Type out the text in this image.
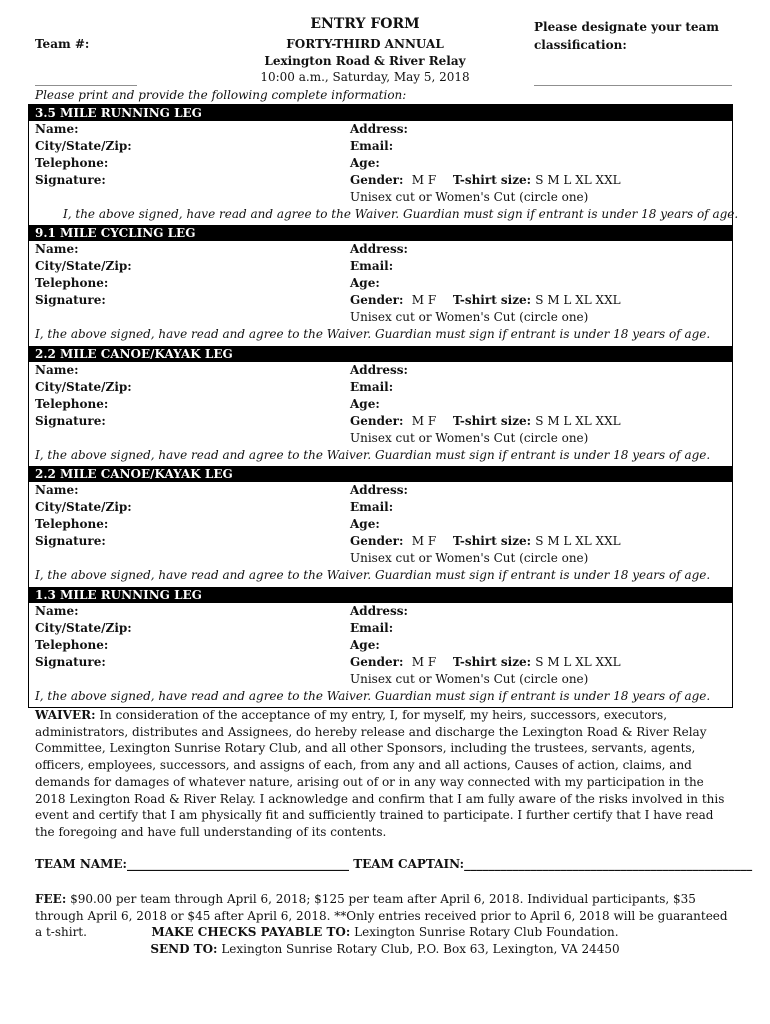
ENTRY FORM
FORTY-THIRD ANNUAL
Lexington Road & River Relay
10:00 a.m., Saturday, May 5, 2018
Team #:
_________________
Please designate your team classification:
_________________________________
Please print and provide the following complete information:
3.5 MILE RUNNING LEG
Name:	Address:
City/State/Zip:	Email:
Telephone:	Age:
Signature:	Gender: M F T-shirt size: S M L XL XXL
Unisex cut or Women's Cut (circle one)
I, the above signed, have read and agree to the Waiver. Guardian must sign if entrant is under 18 years of age.
9.1 MILE CYCLING LEG
Name:	Address:
City/State/Zip:	Email:
Telephone:	Age:
Signature:	Gender: M F T-shirt size: S M L XL XXL
Unisex cut or Women's Cut (circle one)
I, the above signed, have read and agree to the Waiver. Guardian must sign if entrant is under 18 years of age.
2.2 MILE CANOE/KAYAK LEG
Name:	Address:
City/State/Zip:	Email:
Telephone:	Age:
Signature:	Gender: M F T-shirt size: S M L XL XXL
Unisex cut or Women's Cut (circle one)
I, the above signed, have read and agree to the Waiver. Guardian must sign if entrant is under 18 years of age.
2.2 MILE CANOE/KAYAK LEG
Name:	Address:
City/State/Zip:	Email:
Telephone:	Age:
Signature:	Gender: M F T-shirt size: S M L XL XXL
Unisex cut or Women's Cut (circle one)
I, the above signed, have read and agree to the Waiver. Guardian must sign if entrant is under 18 years of age.
1.3 MILE RUNNING LEG
Name:	Address:
City/State/Zip:	Email:
Telephone:	Age:
Signature:	Gender: M F T-shirt size: S M L XL XXL
Unisex cut or Women's Cut (circle one)
I, the above signed, have read and agree to the Waiver. Guardian must sign if entrant is under 18 years of age.
WAIVER: In consideration of the acceptance of my entry, I, for myself, my heirs, successors, executors, administrators, distributes and Assignees, do hereby release and discharge the Lexington Road & River Relay Committee, Lexington Sunrise Rotary Club, and all other Sponsors, including the trustees, servants, agents, officers, employees, successors, and assigns of each, from any and all actions, Causes of action, claims, and demands for damages of whatever nature, arising out of or in any way connected with my participation in the 2018 Lexington Road & River Relay. I acknowledge and confirm that I am fully aware of the risks involved in this event and certify that I am physically fit and sufficiently trained to participate. I further certify that I have read the foregoing and have full understanding of its contents.
TEAM NAME:_____________________________________ TEAM CAPTAIN:________________________________________________
FEE: $90.00 per team through April 6, 2018; $125 per team after April 6, 2018. Individual participants, $35 through April 6, 2018 or $45 after April 6, 2018. **Only entries received prior to April 6, 2018 will be guaranteed a t-shirt.	MAKE CHECKS PAYABLE TO: Lexington Sunrise Rotary Club Foundation.
SEND TO: Lexington Sunrise Rotary Club, P.O. Box 63, Lexington, VA 24450
